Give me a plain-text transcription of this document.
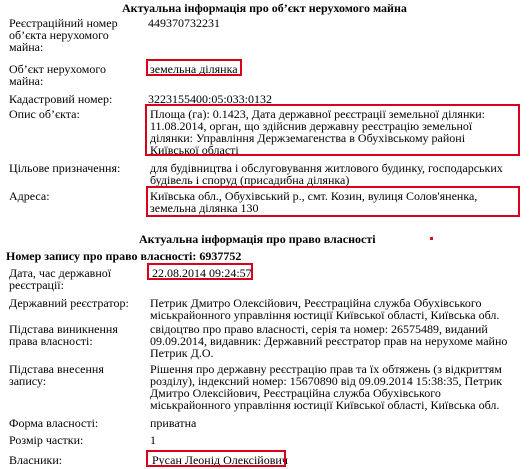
Актуальна інформація про об’єкт нерухомого майна
Реєстраційний номер
об’єкта нерухомого
майна:
449370732231
Об’єкт нерухомого
майна:
земельна ділянка
Кадастровий номер:	3223155400:05:033:0132
Опис об’єкта:	Площа (га): 0.1423, Дата державної реєстрації земельної ділянки:
11.08.2014, орган, що здійснив державну реєстрацію земельної
ділянки: Управління Держземагенства в Обухівському районі
Київської області
Цільове призначення: для будівництва і обслуговування житлового будинку, господарських
будівель і споруд (присадибна ділянка)
Адреса:	Київська обл., Обухівський р., смт. Козин, вулиця Солов'яненка,
земельна ділянка 130
Актуальна інформація про право власності
Номер запису про право власності: 6937752
Дата, час державної
реєстрації:
22.08.2014 09:24:57
Державний реєстратор: Петрик Дмитро Олексійович, Реєстраційна служба Обухівського
міськрайонного управління юстиції Київської області, Київська обл.
Підстава виникнення
права власності:
свідоцтво про право власності, серія та номер: 26575489, виданий
09.09.2014, видавник: Державний реєстратор прав на нерухоме майно
Петрик Д.О.
Підстава внесення
запису:
Рішення про державну реєстрацію прав та їх обтяжень (з відкриттям
розділу), індексний номер: 15670890 від 09.09.2014 15:38:35, Петрик
Дмитро Олексійович, Реєстраційна служба Обухівського
міськрайонного управління юстиції Київської області, Київська обл.
Форма власності:	приватна
Розмір частки:	1
Власники:	Русан Леонід Олексійович
